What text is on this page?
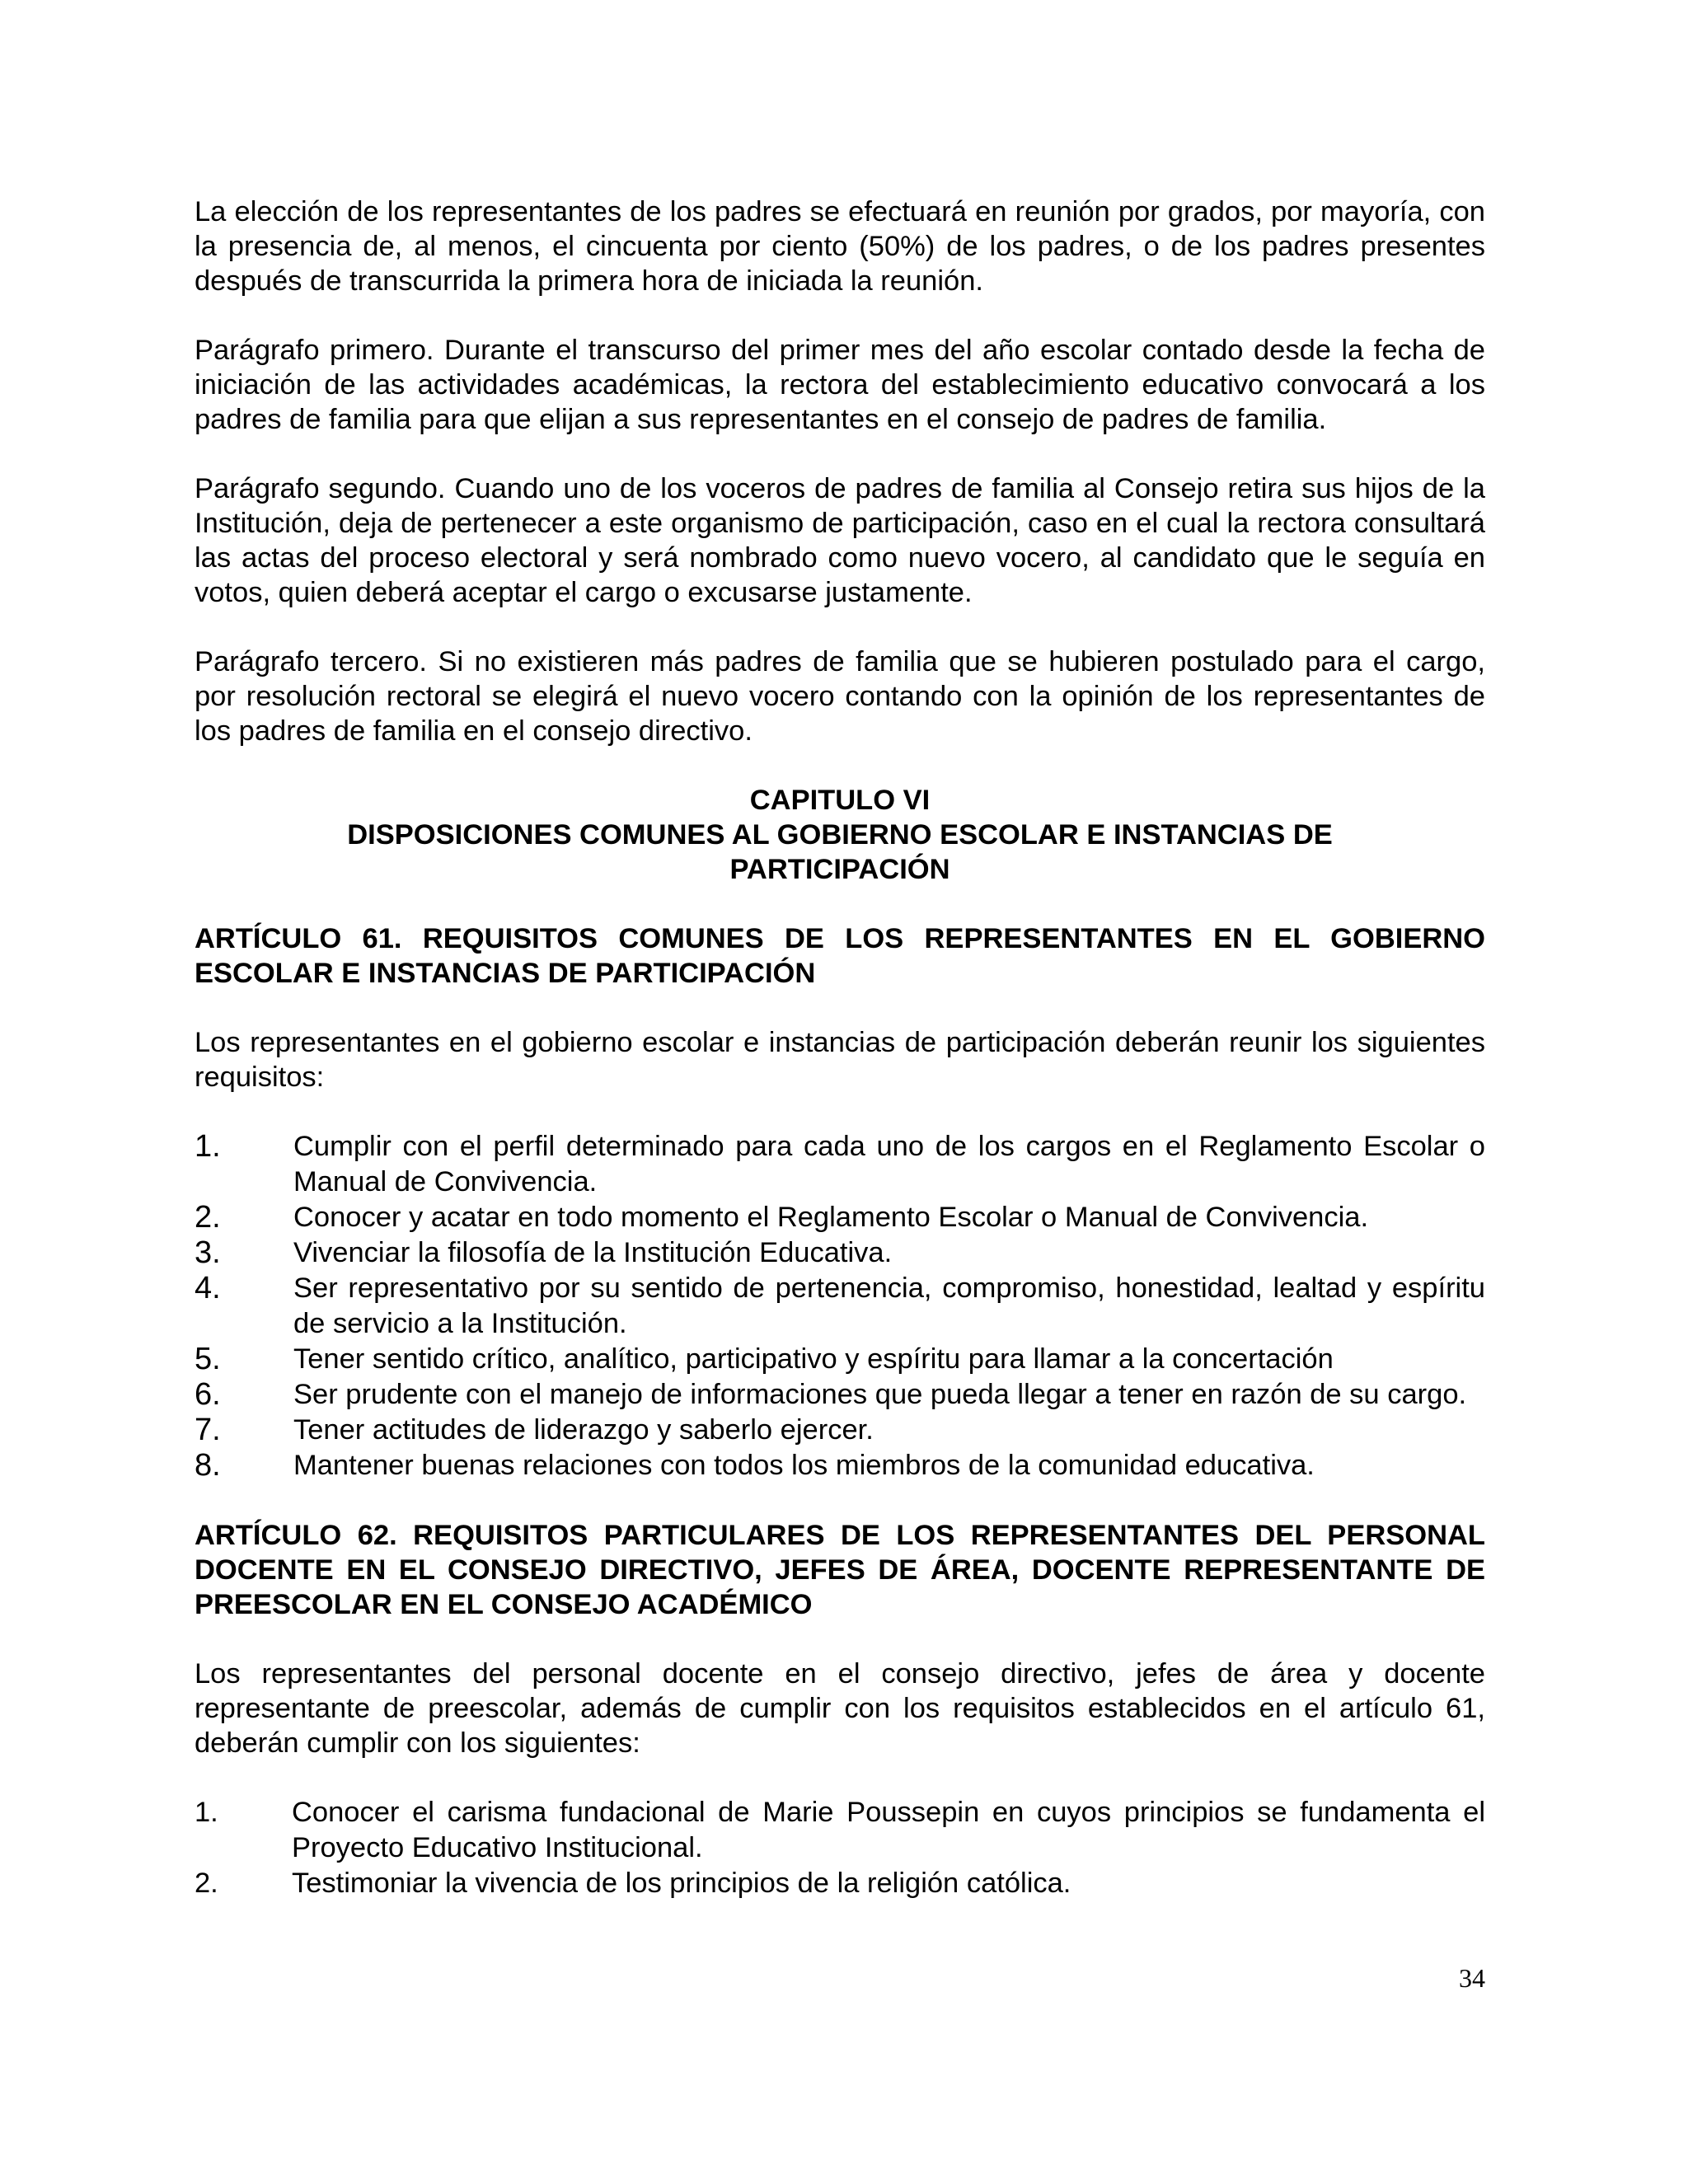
La elección de los representantes de los padres se efectuará en reunión por grados, por mayoría, con la presencia de, al menos, el cincuenta por ciento (50%) de los padres, o de los padres presentes después de transcurrida la primera hora de iniciada la reunión.

Parágrafo primero. Durante el transcurso del primer mes del año escolar contado desde la fecha de iniciación de las actividades académicas, la rectora del establecimiento educativo convocará a los padres de familia para que elijan a sus representantes en el consejo de padres de familia.

Parágrafo segundo. Cuando uno de los voceros de padres de familia al Consejo retira sus hijos de la Institución, deja de pertenecer a este organismo de participación, caso en el cual la rectora consultará las actas del proceso electoral y será nombrado como nuevo vocero, al candidato que le seguía en votos, quien deberá aceptar el cargo o excusarse justamente.

Parágrafo tercero. Si no existieren más padres de familia que se hubieren postulado para el cargo, por resolución rectoral se elegirá el nuevo vocero contando con la opinión de los representantes de los padres de familia en el consejo directivo.

CAPITULO VI
DISPOSICIONES COMUNES AL GOBIERNO ESCOLAR E INSTANCIAS DE
PARTICIPACIÓN
ARTÍCULO 61. REQUISITOS COMUNES DE LOS REPRESENTANTES EN EL GOBIERNO ESCOLAR E INSTANCIAS DE PARTICIPACIÓN

Los representantes en el gobierno escolar e instancias de participación deberán reunir los siguientes requisitos:

1.	Cumplir con el perfil determinado para cada uno de los cargos en el Reglamento Escolar o Manual de Convivencia.
2.	Conocer y acatar en todo momento el Reglamento Escolar o Manual de Convivencia.
3.	Vivenciar la filosofía de la Institución Educativa.
4.	Ser representativo por su sentido de pertenencia, compromiso, honestidad, lealtad y espíritu de servicio a la Institución.
5.	Tener sentido crítico, analítico, participativo y espíritu para llamar a la concertación
6.	Ser prudente con el manejo de informaciones que pueda llegar a tener en razón de su cargo.
7.	Tener actitudes de liderazgo y saberlo ejercer.
8.	Mantener buenas relaciones con todos los miembros de la comunidad educativa.
ARTÍCULO 62. REQUISITOS PARTICULARES DE LOS REPRESENTANTES DEL PERSONAL DOCENTE EN EL CONSEJO DIRECTIVO, JEFES DE ÁREA, DOCENTE REPRESENTANTE DE PREESCOLAR EN EL CONSEJO ACADÉMICO

Los representantes del personal docente en el consejo directivo, jefes de área y docente representante de preescolar, además de cumplir con los requisitos establecidos en el artículo 61, deberán cumplir con los siguientes:

1.	Conocer el carisma fundacional de Marie Poussepin en cuyos principios se fundamenta el Proyecto Educativo Institucional.
2.	Testimoniar la vivencia de los principios de la religión católica.
34
